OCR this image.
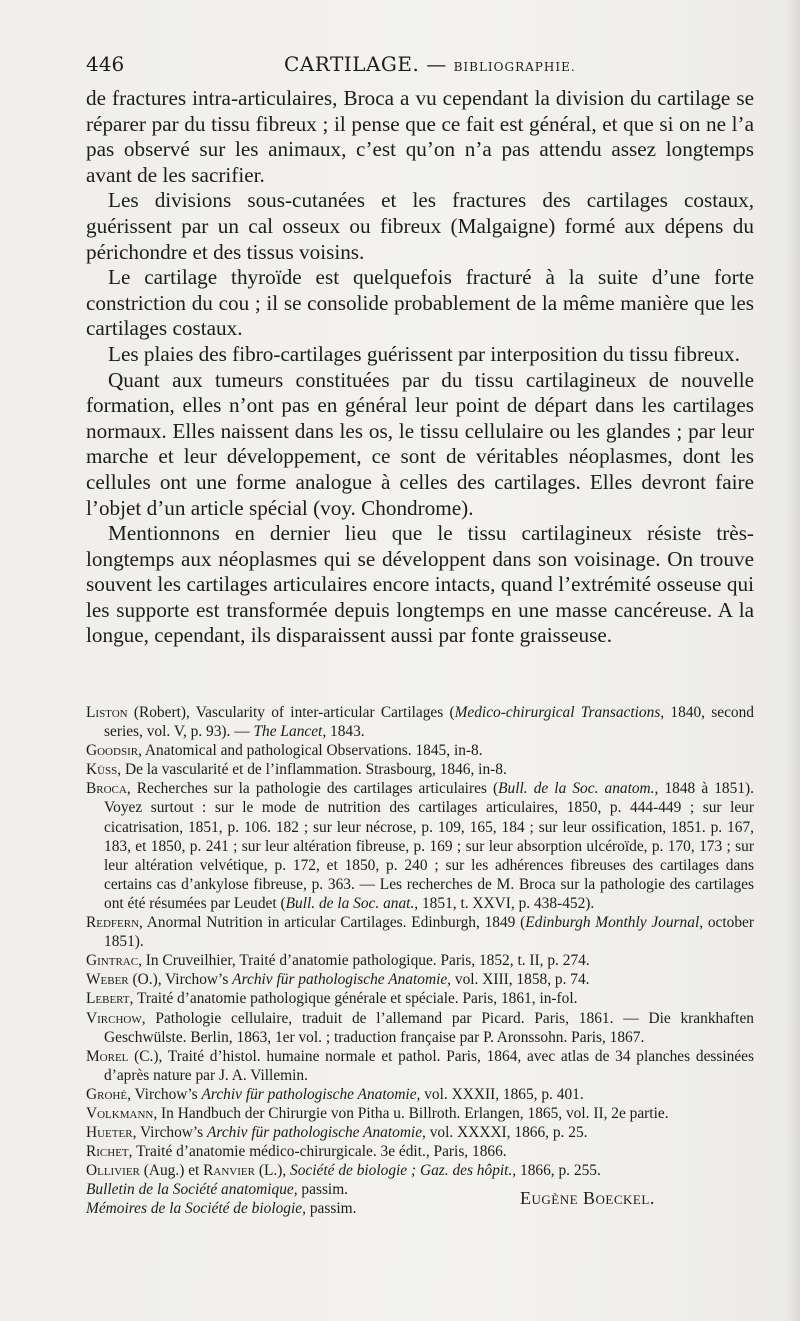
446	CARTILAGE. — BIBLIOGRAPHIE.

de fractures intra-articulaires, Broca a vu cependant la division du cartilage se réparer par du tissu fibreux ; il pense que ce fait est général, et que si on ne l’a pas observé sur les animaux, c’est qu’on n’a pas attendu assez longtemps avant de les sacrifier.

Les divisions sous-cutanées et les fractures des cartilages costaux, guérissent par un cal osseux ou fibreux (Malgaigne) formé aux dépens du périchondre et des tissus voisins.

Le cartilage thyroïde est quelquefois fracturé à la suite d’une forte constriction du cou ; il se consolide probablement de la même manière que les cartilages costaux.

Les plaies des fibro-cartilages guérissent par interposition du tissu fibreux.

Quant aux tumeurs constituées par du tissu cartilagineux de nouvelle formation, elles n’ont pas en général leur point de départ dans les cartilages normaux. Elles naissent dans les os, le tissu cellulaire ou les glandes ; par leur marche et leur développement, ce sont de véritables néoplasmes, dont les cellules ont une forme analogue à celles des cartilages. Elles devront faire l’objet d’un article spécial (voy. Chondrome).

Mentionnons en dernier lieu que le tissu cartilagineux résiste très-longtemps aux néoplasmes qui se développent dans son voisinage. On trouve souvent les cartilages articulaires encore intacts, quand l’extrémité osseuse qui les supporte est transformée depuis longtemps en une masse cancéreuse. A la longue, cependant, ils disparaissent aussi par fonte graisseuse.

Liston (Robert), Vascularity of inter-articular Cartilages (Medico-chirurgical Transactions, 1840, second series, vol. V, p. 93). — The Lancet, 1843.

Goodsir, Anatomical and pathological Observations. 1845, in-8.

Küss, De la vascularité et de l’inflammation. Strasbourg, 1846, in-8.

Broca, Recherches sur la pathologie des cartilages articulaires (Bull. de la Soc. anatom., 1848 à 1851). Voyez surtout : sur le mode de nutrition des cartilages articulaires, 1850, p. 444-449 ; sur leur cicatrisation, 1851, p. 106. 182 ; sur leur nécrose, p. 109, 165, 184 ; sur leur ossification, 1851. p. 167, 183, et 1850, p. 241 ; sur leur altération fibreuse, p. 169 ; sur leur absorption ulcéroïde, p. 170, 173 ; sur leur altération velvétique, p. 172, et 1850, p. 240 ; sur les adhérences fibreuses des cartilages dans certains cas d’ankylose fibreuse, p. 363. — Les recherches de M. Broca sur la pathologie des cartilages ont été résumées par Leudet (Bull. de la Soc. anat., 1851, t. XXVI, p. 438-452).

Redfern, Anormal Nutrition in articular Cartilages. Edinburgh, 1849 (Edinburgh Monthly Journal, october 1851).

Gintrac, In Cruveilhier, Traité d’anatomie pathologique. Paris, 1852, t. II, p. 274.

Weber (O.), Virchow’s Archiv für pathologische Anatomie, vol. XIII, 1858, p. 74.

Lebert, Traité d’anatomie pathologique générale et spéciale. Paris, 1861, in-fol.

Virchow, Pathologie cellulaire, traduit de l’allemand par Picard. Paris, 1861. — Die krankhaften Geschwülste. Berlin, 1863, 1er vol. ; traduction française par P. Aronssohn. Paris, 1867.

Morel (C.), Traité d’histol. humaine normale et pathol. Paris, 1864, avec atlas de 34 planches dessinées d’après nature par J. A. Villemin.

Grohé, Virchow’s Archiv für pathologische Anatomie, vol. XXXII, 1865, p. 401.

Volkmann, In Handbuch der Chirurgie von Pitha u. Billroth. Erlangen, 1865, vol. II, 2e partie.

Hueter, Virchow’s Archiv für pathologische Anatomie, vol. XXXXI, 1866, p. 25.

Richet, Traité d’anatomie médico-chirurgicale. 3e édit., Paris, 1866.

Ollivier (Aug.) et Ranvier (L.), Société de biologie ; Gaz. des hôpit., 1866, p. 255.

Bulletin de la Société anatomique, passim.

Mémoires de la Société de biologie, passim.

Eugène Boeckel.
